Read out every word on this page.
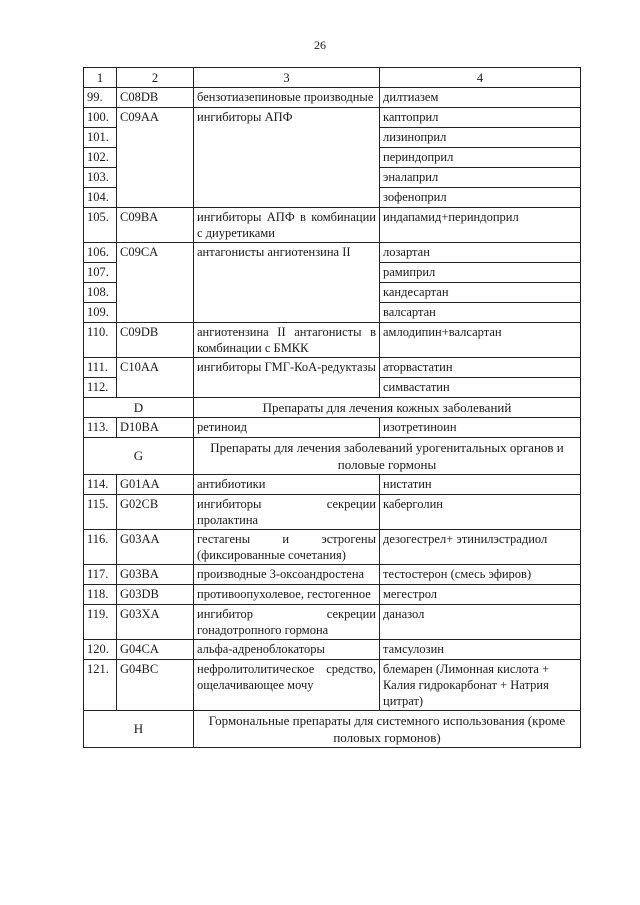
26
1	2	3	4
99.	C08DB	бензотиазепиновые производные	дилтиазем
100.	C09AA	ингибиторы АПФ	каптоприл
101.			лизиноприл
102.			периндоприл
103.			эналаприл
104.			зофеноприл
105.	C09BA	ингибиторы АПФ в комбинации с диуретиками	индапамид+периндоприл
106.	C09CA	антагонисты ангиотензина II	лозартан
107.			рамиприл
108.			кандесартан
109.			валсартан
110.	C09DB	ангиотензина II антагонисты в комбинации с БМКК	амлодипин+валсартан
111.	C10AA	ингибиторы ГМГ-КоА-редуктазы	аторвастатин
112.			симвастатин
D		Препараты для лечения кожных заболеваний	
113.	D10BA	ретиноид	изотретиноин
G		Препараты для лечения заболеваний урогенитальных органов и половые гормоны	
114.	G01AA	антибиотики	нистатин
115.	G02CB	ингибиторы секреции пролактина	каберголин
116.	G03AA	гестагены и эстрогены (фиксированные сочетания)	дезогестрел+ этинилэстрадиол
117.	G03BA	производные 3-оксоандростена	тестостерон (смесь эфиров)
118.	G03DB	противоопухолевое, гестогенное	мегестрол
119.	G03XA	ингибитор секреции гонадотропного гормона	даназол
120.	G04CA	альфа-адреноблокаторы	тамсулозин
121.	G04BC	нефролитолитическое средство, ощелачивающее мочу	блемарен (Лимонная кислота + Калия гидрокарбонат + Натрия цитрат)
H		Гормональные препараты для системного использования (кроме половых гормонов)	
